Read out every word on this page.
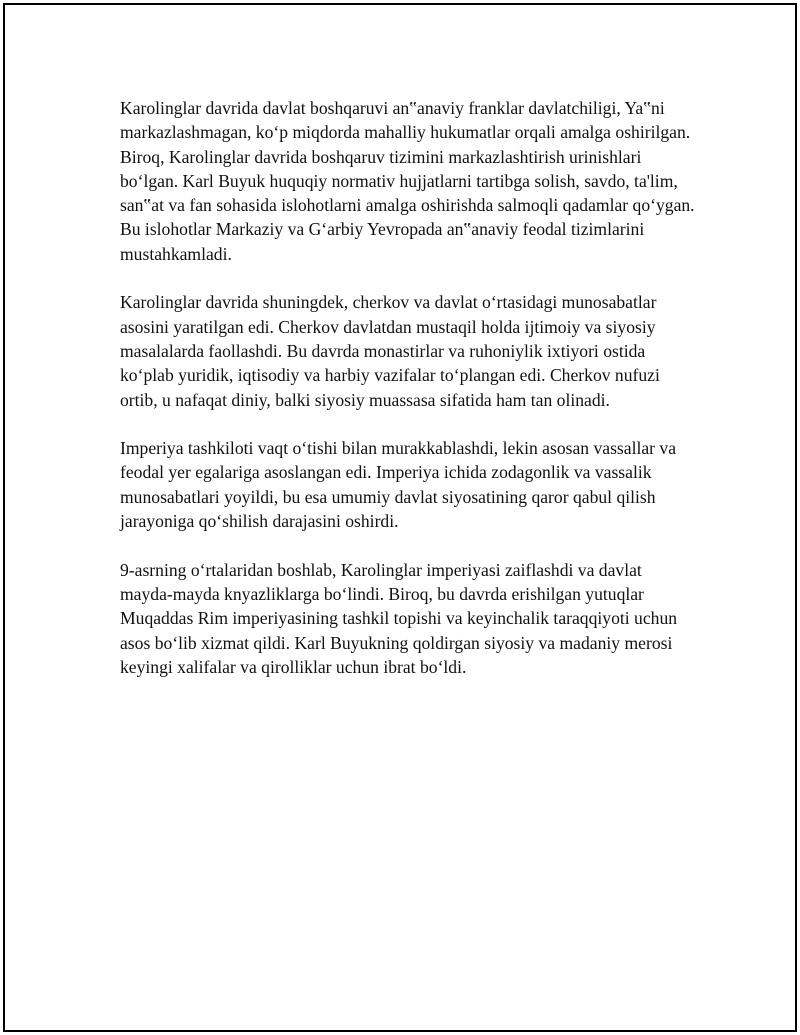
Karolinglar davrida davlat boshqaruvi an‟anaviy franklar davlatchiligi, Ya‟ni markazlashmagan, ko‘p miqdorda mahalliy hukumatlar orqali amalga oshirilgan. Biroq, Karolinglar davrida boshqaruv tizimini markazlashtirish urinishlari bo‘lgan. Karl Buyuk huquqiy normativ hujjatlarni tartibga solish, savdo, ta'lim, san‟at va fan sohasida islohotlarni amalga oshirishda salmoqli qadamlar qo‘ygan. Bu islohotlar Markaziy va G‘arbiy Yevropada an‟anaviy feodal tizimlarini mustahkamladi.

Karolinglar davrida shuningdek, cherkov va davlat o‘rtasidagi munosabatlar asosini yaratilgan edi. Cherkov davlatdan mustaqil holda ijtimoiy va siyosiy masalalarda faollashdi. Bu davrda monastirlar va ruhoniylik ixtiyori ostida ko‘plab yuridik, iqtisodiy va harbiy vazifalar to‘plangan edi. Cherkov nufuzi ortib, u nafaqat diniy, balki siyosiy muassasa sifatida ham tan olinadi.

Imperiya tashkiloti vaqt o‘tishi bilan murakkablashdi, lekin asosan vassallar va feodal yer egalariga asoslangan edi. Imperiya ichida zodagonlik va vassalik munosabatlari yoyildi, bu esa umumiy davlat siyosatining qaror qabul qilish jarayoniga qo‘shilish darajasini oshirdi.

9-asrning o‘rtalaridan boshlab, Karolinglar imperiyasi zaiflashdi va davlat mayda-mayda knyazliklarga bo‘lindi. Biroq, bu davrda erishilgan yutuqlar Muqaddas Rim imperiyasining tashkil topishi va keyinchalik taraqqiyoti uchun asos bo‘lib xizmat qildi. Karl Buyukning qoldirgan siyosiy va madaniy merosi keyingi xalifalar va qirolliklar uchun ibrat bo‘ldi.
